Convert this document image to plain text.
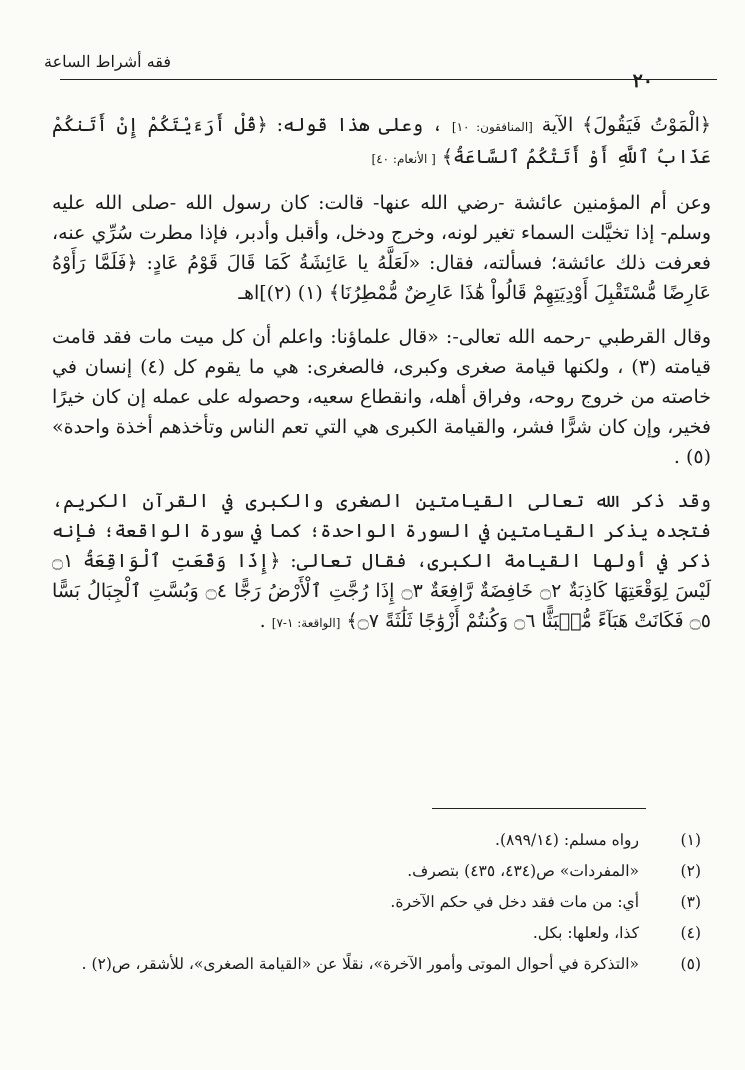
فقه أشراط الساعة
٢٠

﴿الْمَوْتُ فَيَقُولَ﴾ الآية [المنافقون: ١٠] ، وعلى هذا قوله: ﴿قُلْ أَرَءَيْتَكُمْ إِنْ أَتَنكُمْ عَذَابُ ٱللَّهِ أَوْ أَتَتْكُمُ ٱلسَّاعَةُ﴾ [ الأنعام: ٤٠]

وعن أم المؤمنين عائشة -رضي الله عنها- قالت: كان رسول الله -صلى الله عليه وسلم- إذا تخيَّلت السماء تغير لونه، وخرج ودخل، وأقبل وأدبر، فإذا مطرت سُرِّي عنه، فعرفت ذلك عائشة؛ فسألته، فقال: «لَعَلَّهُ يا عَائِشَةُ كَمَا قَالَ قَوْمُ عَادٍ: ﴿فَلَمَّا رَأَوْهُ عَارِضًا مُّسْتَقْبِلَ أَوْدِيَتِهِمْ قَالُواْ هَٰذَا عَارِضٌ مُّمْطِرُنَا﴾ (١) (٢)]اهـ

وقال القرطبي -رحمه الله تعالى-: «قال علماؤنا: واعلم أن كل ميت مات فقد قامت قيامته (٣) ، ولكنها قيامة صغرى وكبرى، فالصغرى: هي ما يقوم كل (٤) إنسان في خاصته من خروج روحه، وفراق أهله، وانقطاع سعيه، وحصوله على عمله إن كان خيرًا فخير، وإن كان شرًّا فشر، والقيامة الكبرى هي التي تعم الناس وتأخذهم أخذة واحدة» (٥) .

وقد ذكر الله تعالى القيامتين الصغرى والكبرى في القرآن الكريم، فتجده يذكر القيامتين في السورة الواحدة؛ كما في سورة الواقعة؛ فإنه ذكر في أولها القيامة الكبرى، فقال تعالى: ﴿إِذَا وَقَعَتِ ٱلْوَاقِعَةُ ۝١ لَيْسَ لِوَقْعَتِهَا كَاذِبَةٌ ۝٢ خَافِضَةٌ رَّافِعَةٌ ۝٣ إِذَا رُجَّتِ ٱلْأَرْضُ رَجًّا ۝٤ وَبُسَّتِ ٱلْجِبَالُ بَسًّا ۝٥ فَكَانَتْ هَبَآءً مُّنۢبَثًّا ۝٦ وَكُنتُمْ أَزْوَٰجًا ثَلَٰثَةً ۝٧﴾ [الواقعة: ١-٧] .

(١)
رواه مسلم: (٨٩٩/١٤).
(٢)
«المفردات» ص(٤٣٤، ٤٣٥) بتصرف.
(٣)
أي: من مات فقد دخل في حكم الآخرة.
(٤)
كذا، ولعلها: بكل.
(٥)
«التذكرة في أحوال الموتى وأمور الآخرة»، نقلًا عن «القيامة الصغرى»، للأشقر، ص(٢) .
